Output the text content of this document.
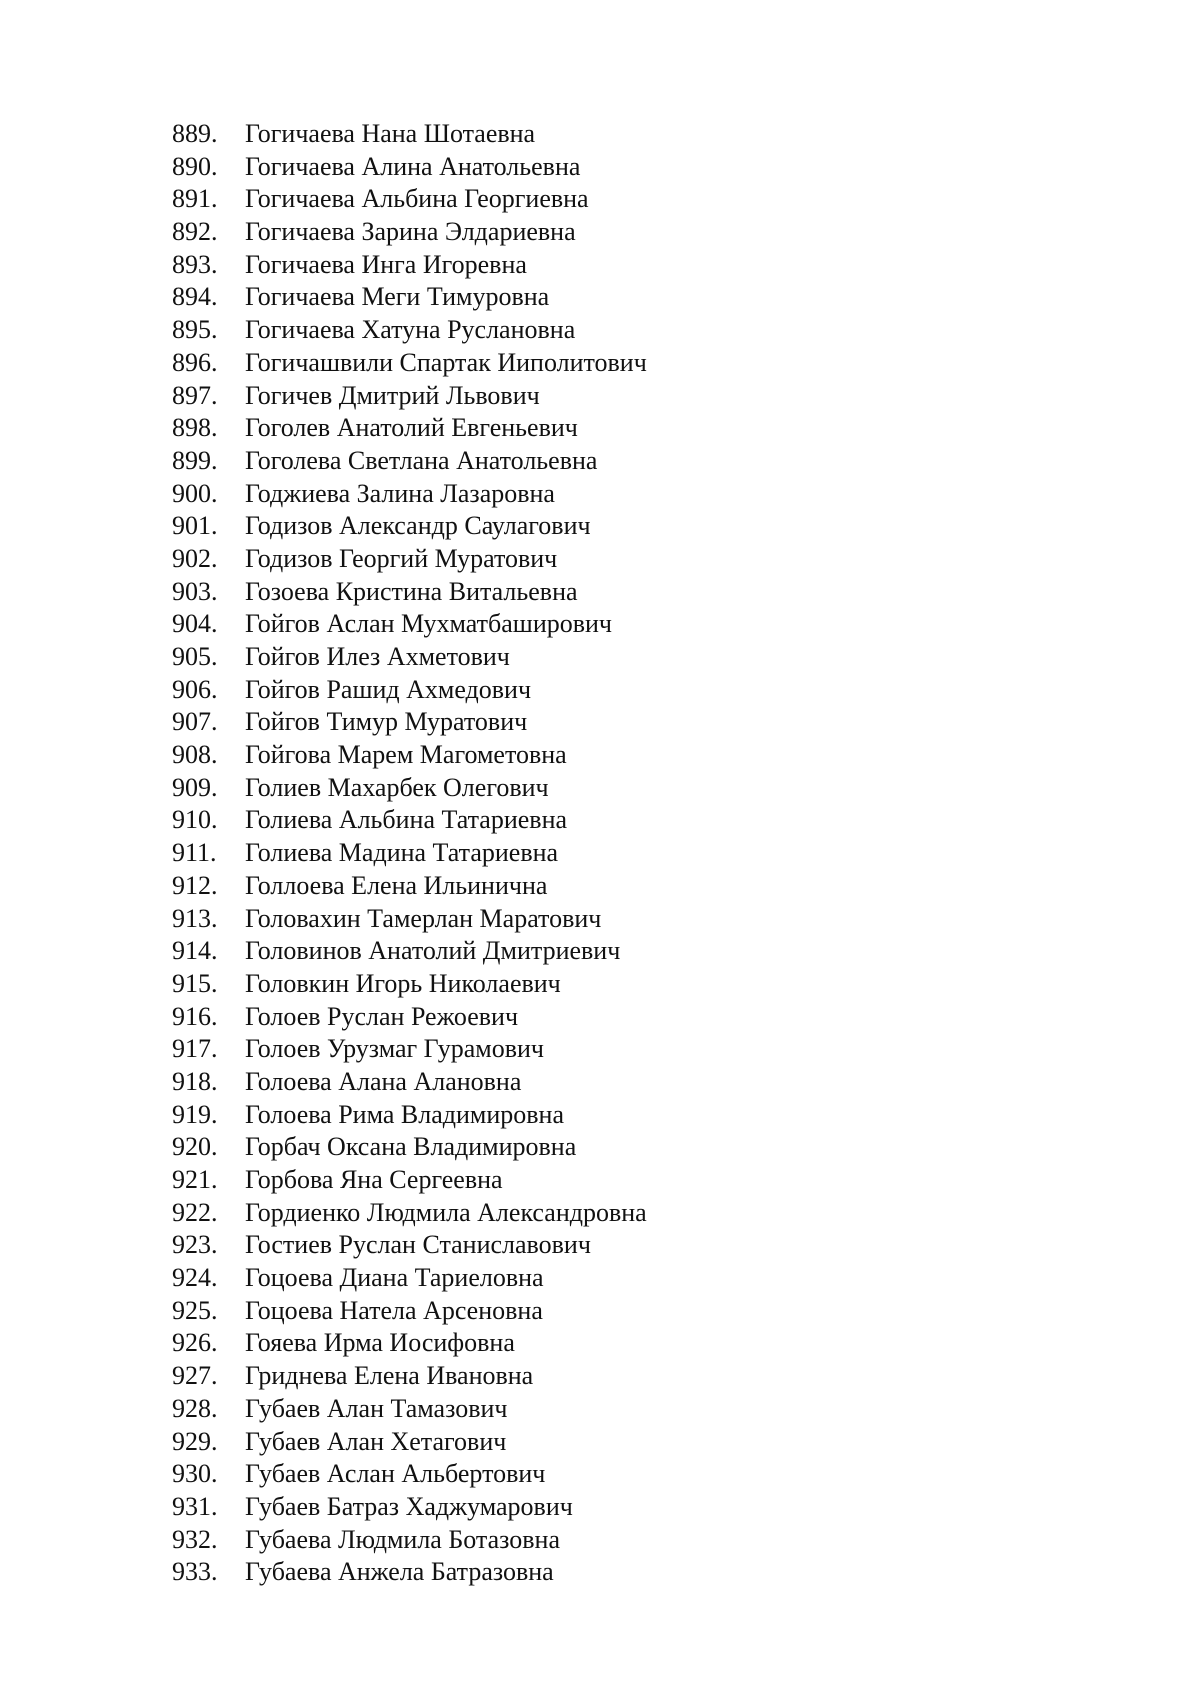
889.	Гогичаева Нана Шотаевна
890.	Гогичаева Алина Анатольевна
891.	Гогичаева Альбина Георгиевна
892.	Гогичаева Зарина Элдариевна
893.	Гогичаева Инга Игоревна
894.	Гогичаева Меги Тимуровна
895.	Гогичаева Хатуна Руслановна
896.	Гогичашвили Спартак Ииполитович
897.	Гогичев Дмитрий Львович
898.	Гоголев Анатолий Евгеньевич
899.	Гоголева Светлана Анатольевна
900.	Годжиева Залина Лазаровна
901.	Годизов Александр Саулагович
902.	Годизов Георгий Муратович
903.	Гозоева Кристина Витальевна
904.	Гойгов Аслан Мухматбаширович
905.	Гойгов Илез Ахметович
906.	Гойгов Рашид Ахмедович
907.	Гойгов Тимур Муратович
908.	Гойгова Марем Магометовна
909.	Голиев Махарбек Олегович
910.	Голиева Альбина Татариевна
911.	Голиева Мадина Татариевна
912.	Голлоева Елена Ильинична
913.	Головахин Тамерлан Маратович
914.	Головинов Анатолий Дмитриевич
915.	Головкин Игорь Николаевич
916.	Голоев Руслан Режоевич
917.	Голоев Урузмаг Гурамович
918.	Голоева Алана Алановна
919.	Голоева Рима Владимировна
920.	Горбач Оксана Владимировна
921.	Горбова Яна Сергеевна
922.	Гордиенко Людмила Александровна
923.	Гостиев Руслан Станиславович
924.	Гоцоева Диана Тариеловна
925.	Гоцоева Натела Арсеновна
926.	Гояева Ирма Иосифовна
927.	Гриднева Елена Ивановна
928.	Губаев Алан Тамазович
929.	Губаев Алан Хетагович
930.	Губаев Аслан Альбертович
931.	Губаев Батраз Хаджумарович
932.	Губаева Людмила Ботазовна
933.	Губаева Анжела Батразовна
